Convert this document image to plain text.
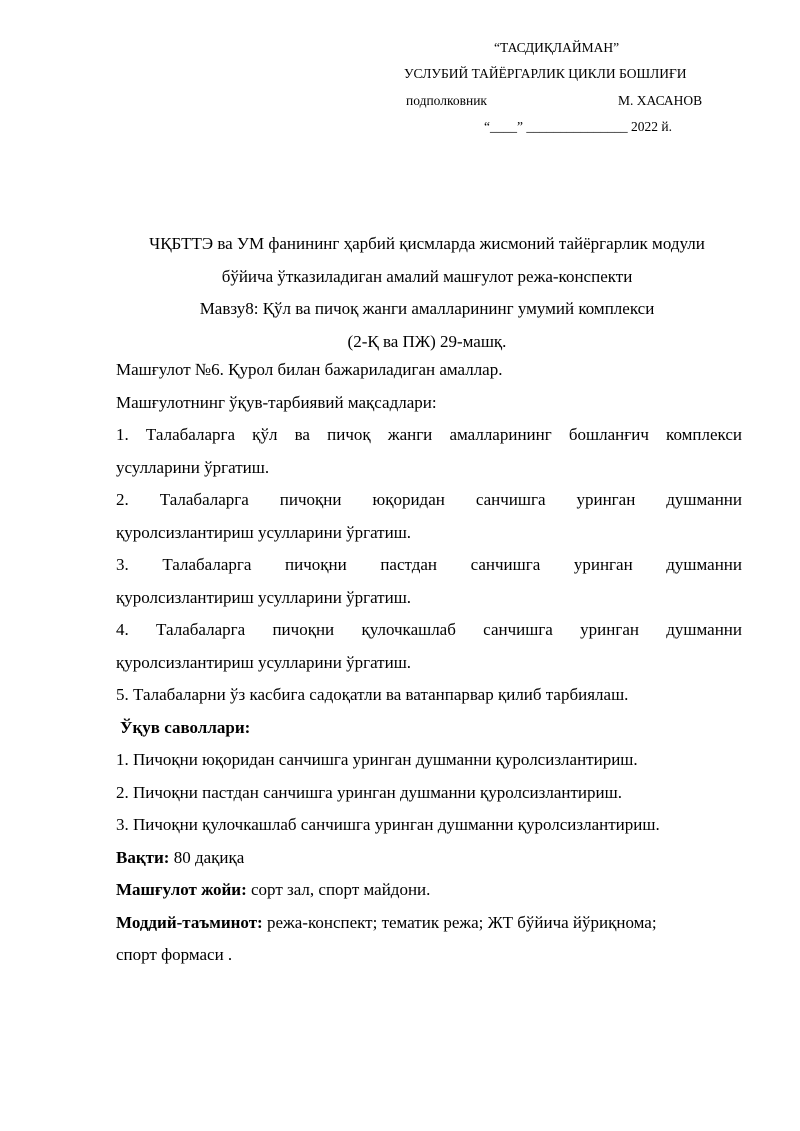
“ТАСДИҚЛАЙМАН”
УСЛУБИЙ ТАЙЁРГАРЛИК ЦИКЛИ БОШЛИҒИ
подполковник	М. ХАСАНОВ
“____” _______________ 2022 й.
ЧҚБТТЭ ва УМ фанининг ҳарбий қисмларда жисмоний тайёргарлик модули
бўйича ўтказиладиган амалий машғулот режа-конспекти
Мавзу8: Қўл ва пичоқ жанги амалларининг умумий комплекси
(2-Қ ва ПЖ) 29-машқ.
Машғулот №6. Қурол билан бажариладиган амаллар.
Машғулотнинг ўқув-тарбиявий мақсадлари:
1. Талабаларга қўл ва пичоқ жанги амалларининг бошланғич комплекси
усулларини ўргатиш.
2. Талабаларга пичоқни юқоридан санчишга уринган душманни
қуролсизлантириш усулларини ўргатиш.
3. Талабаларга пичоқни пастдан санчишга уринган душманни
қуролсизлантириш усулларини ўргатиш.
4. Талабаларга пичоқни қулочкашлаб санчишга уринган душманни
қуролсизлантириш усулларини ўргатиш.
5. Талабаларни ўз касбига садоқатли ва ватанпарвар қилиб тарбиялаш.
Ўқув саволлари:
1. Пичоқни юқоридан санчишга уринган душманни қуролсизлантириш.
2. Пичоқни пастдан санчишга уринган душманни қуролсизлантириш.
3. Пичоқни қулочкашлаб санчишга уринган душманни қуролсизлантириш.
Вақти: 80 дақиқа
Машғулот жойи: сорт зал, спорт майдони.
Моддий-таъминот: режа-конспект; тематик режа; ЖТ бўйича йўриқнома;
спорт формаси .
